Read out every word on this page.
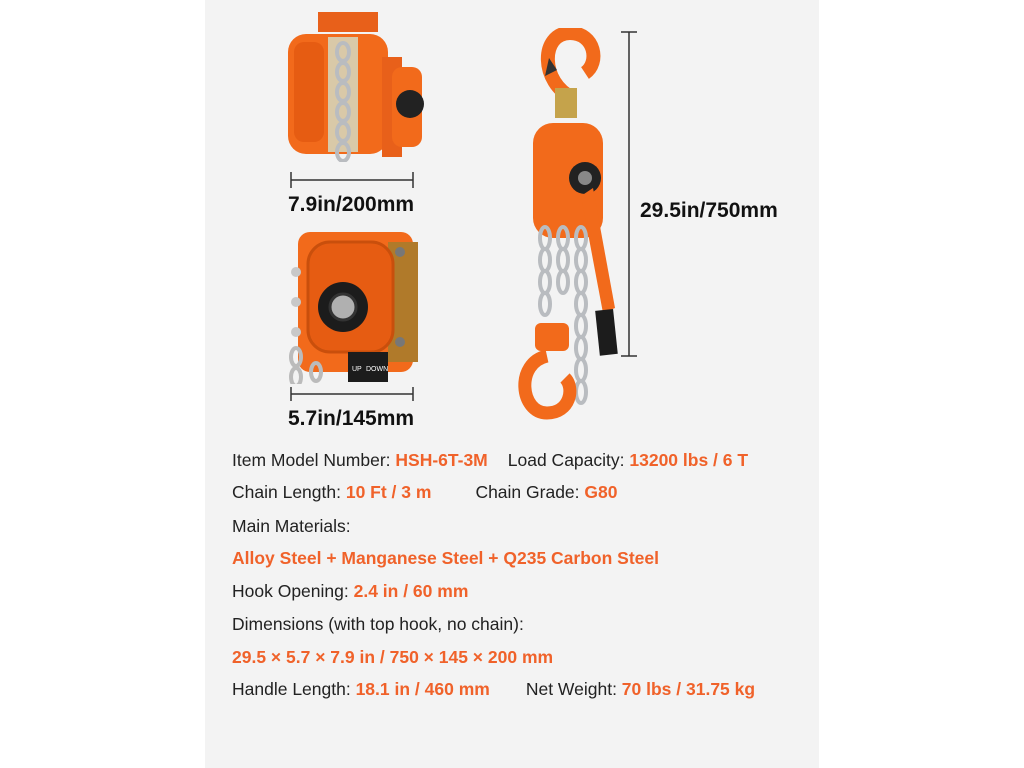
7.9in/200mm
UP DOWN
5.7in/145mm
29.5in/750mm
Item Model Number: HSH-6T-3M Load Capacity: 13200 lbs / 6 T
Chain Length: 10 Ft / 3 m	Chain Grade: G80
Main Materials:
Alloy Steel + Manganese Steel + Q235 Carbon Steel
Hook Opening: 2.4 in / 60 mm
Dimensions (with top hook, no chain):
29.5 × 5.7 × 7.9 in / 750 × 145 × 200 mm
Handle Length: 18.1 in / 460 mm Net Weight: 70 lbs / 31.75 kg
